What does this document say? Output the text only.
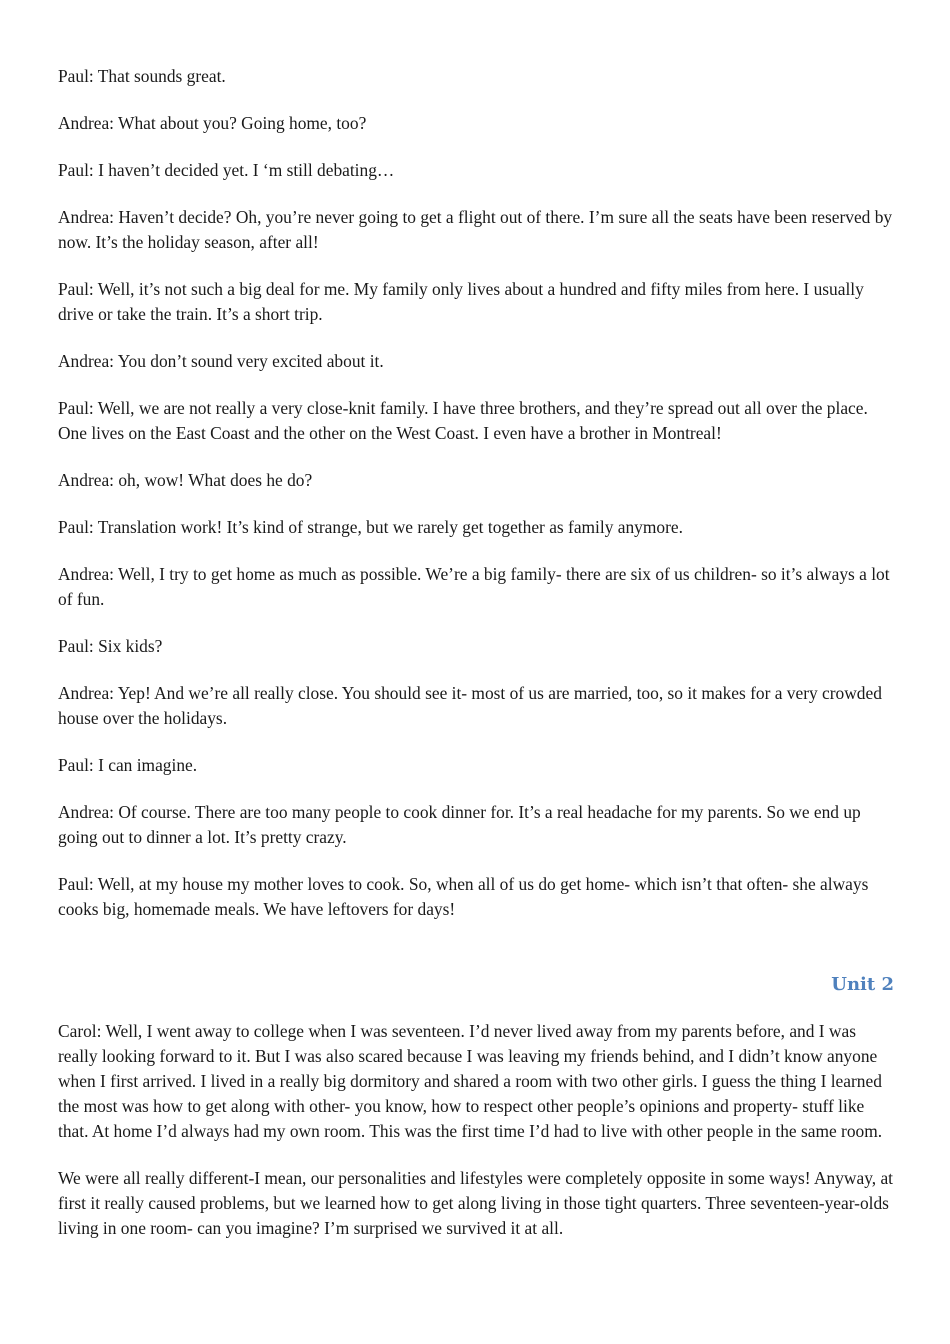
Paul: That sounds great.

Andrea: What about you? Going home, too?

Paul: I haven’t decided yet. I ‘m still debating…

Andrea: Haven’t decide? Oh, you’re never going to get a flight out of there. I’m sure all the seats have been reserved by now. It’s the holiday season, after all!

Paul: Well, it’s not such a big deal for me. My family only lives about a hundred and fifty miles from here. I usually drive or take the train. It’s a short trip.

Andrea: You don’t sound very excited about it.

Paul: Well, we are not really a very close-knit family. I have three brothers, and they’re spread out all over the place. One lives on the East Coast and the other on the West Coast. I even have a brother in Montreal!

Andrea: oh, wow! What does he do?

Paul: Translation work! It’s kind of strange, but we rarely get together as family anymore.

Andrea: Well, I try to get home as much as possible. We’re a big family- there are six of us children- so it’s always a lot of fun.

Paul: Six kids?

Andrea: Yep! And we’re all really close. You should see it- most of us are married, too, so it makes for a very crowded house over the holidays.

Paul: I can imagine.

Andrea: Of course. There are too many people to cook dinner for. It’s a real headache for my parents. So we end up going out to dinner a lot. It’s pretty crazy.

Paul: Well, at my house my mother loves to cook. So, when all of us do get home- which isn’t that often- she always cooks big, homemade meals. We have leftovers for days!

Unit 2

Carol: Well, I went away to college when I was seventeen. I’d never lived away from my parents before, and I was really looking forward to it. But I was also scared because I was leaving my friends behind, and I didn’t know anyone when I first arrived. I lived in a really big dormitory and shared a room with two other girls. I guess the thing I learned the most was how to get along with other- you know, how to respect other people’s opinions and property- stuff like that. At home I’d always had my own room. This was the first time I’d had to live with other people in the same room.

We were all really different-I mean, our personalities and lifestyles were completely opposite in some ways! Anyway, at first it really caused problems, but we learned how to get along living in those tight quarters. Three seventeen-year-olds living in one room- can you imagine? I’m surprised we survived it at all.
